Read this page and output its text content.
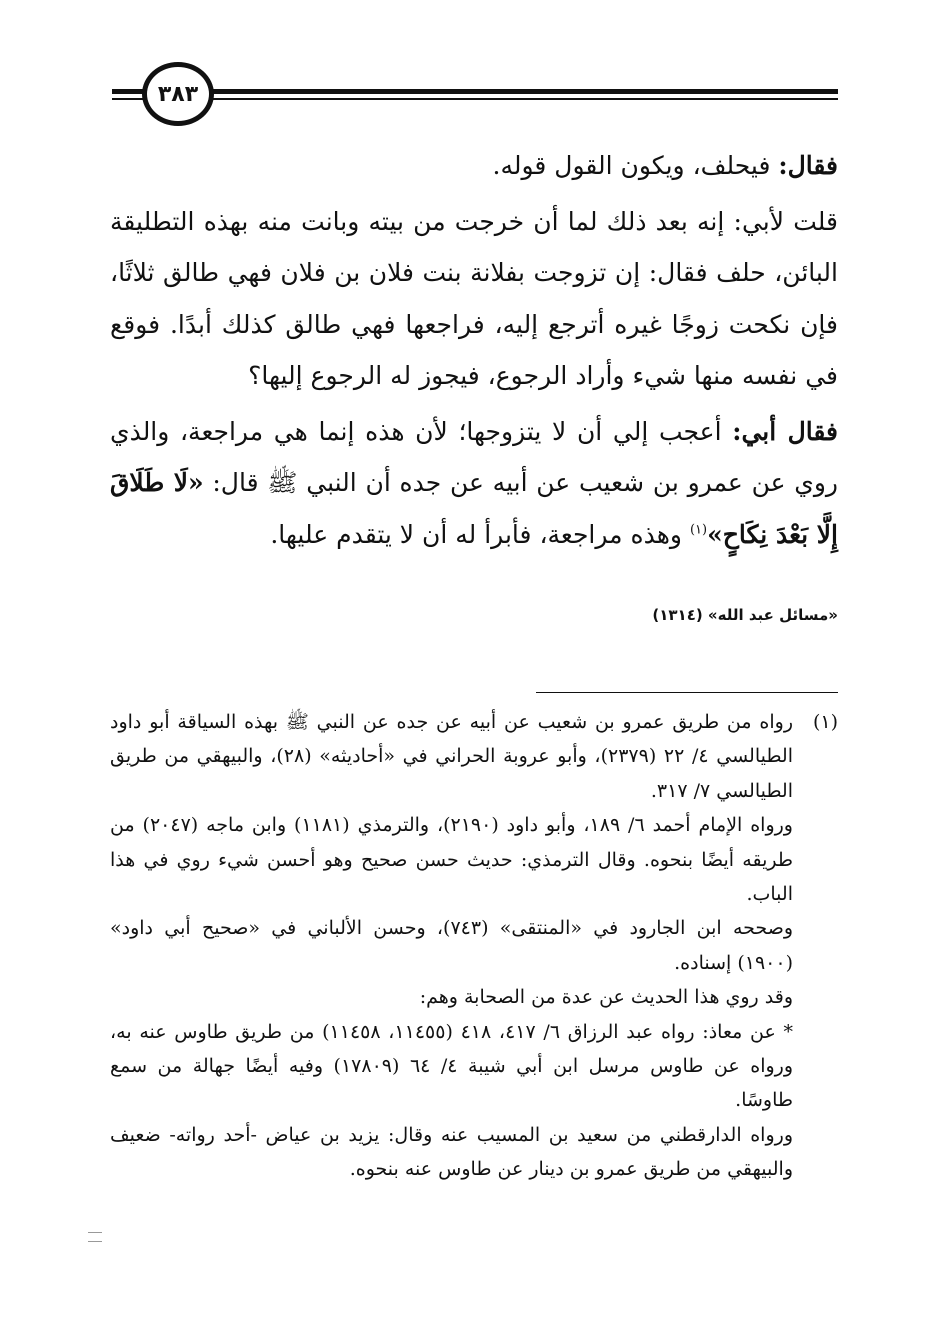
٣٨٣

فقال: فيحلف، ويكون القول قوله.

قلت لأبي: إنه بعد ذلك لما أن خرجت من بيته وبانت منه بهذه التطليقة البائن، حلف فقال: إن تزوجت بفلانة بنت فلان بن فلان فهي طالق ثلاثًا، فإن نكحت زوجًا غيره أترجع إليه، فراجعها فهي طالق كذلك أبدًا. فوقع في نفسه منها شيء وأراد الرجوع، فيجوز له الرجوع إليها؟

فقال أبي: أعجب إلي أن لا يتزوجها؛ لأن هذه إنما هي مراجعة، والذي روي عن عمرو بن شعيب عن أبيه عن جده أن النبي ﷺ قال: «لَا طَلَاقَ إِلَّا بَعْدَ نِكَاحٍ»$^{(١)}$ وهذه مراجعة، فأبرأ له أن لا يتقدم عليها.

«مسائل عبد الله» (١٣١٤)
(١)

رواه من طريق عمرو بن شعيب عن أبيه عن جده عن النبي ﷺ بهذه السياقة أبو داود الطيالسي ٤/ ٢٢ (٢٣٧٩)، وأبو عروبة الحراني في «أحاديثه» (٢٨)، والبيهقي من طريق الطيالسي ٧/ ٣١٧.

ورواه الإمام أحمد ٦/ ١٨٩، وأبو داود (٢١٩٠)، والترمذي (١١٨١) وابن ماجه (٢٠٤٧) من طريقه أيضًا بنحوه. وقال الترمذي: حديث حسن صحيح وهو أحسن شيء روي في هذا الباب.

وصححه ابن الجارود في «المنتقى» (٧٤٣)، وحسن الألباني في «صحيح أبي داود» (١٩٠٠) إسناده.

وقد روي هذا الحديث عن عدة من الصحابة وهم:

* عن معاذ: رواه عبد الرزاق ٦/ ٤١٧، ٤١٨ (١١٤٥٥، ١١٤٥٨) من طريق طاوس عنه به، ورواه عن طاوس مرسل ابن أبي شيبة ٤/ ٦٤ (١٧٨٠٩) وفيه أيضًا جهالة من سمع طاوسًا.

ورواه الدارقطني من سعيد بن المسيب عنه وقال: يزيد بن عياض -أحد رواته- ضعيف والبيهقي من طريق عمرو بن دينار عن طاوس عنه بنحوه.
